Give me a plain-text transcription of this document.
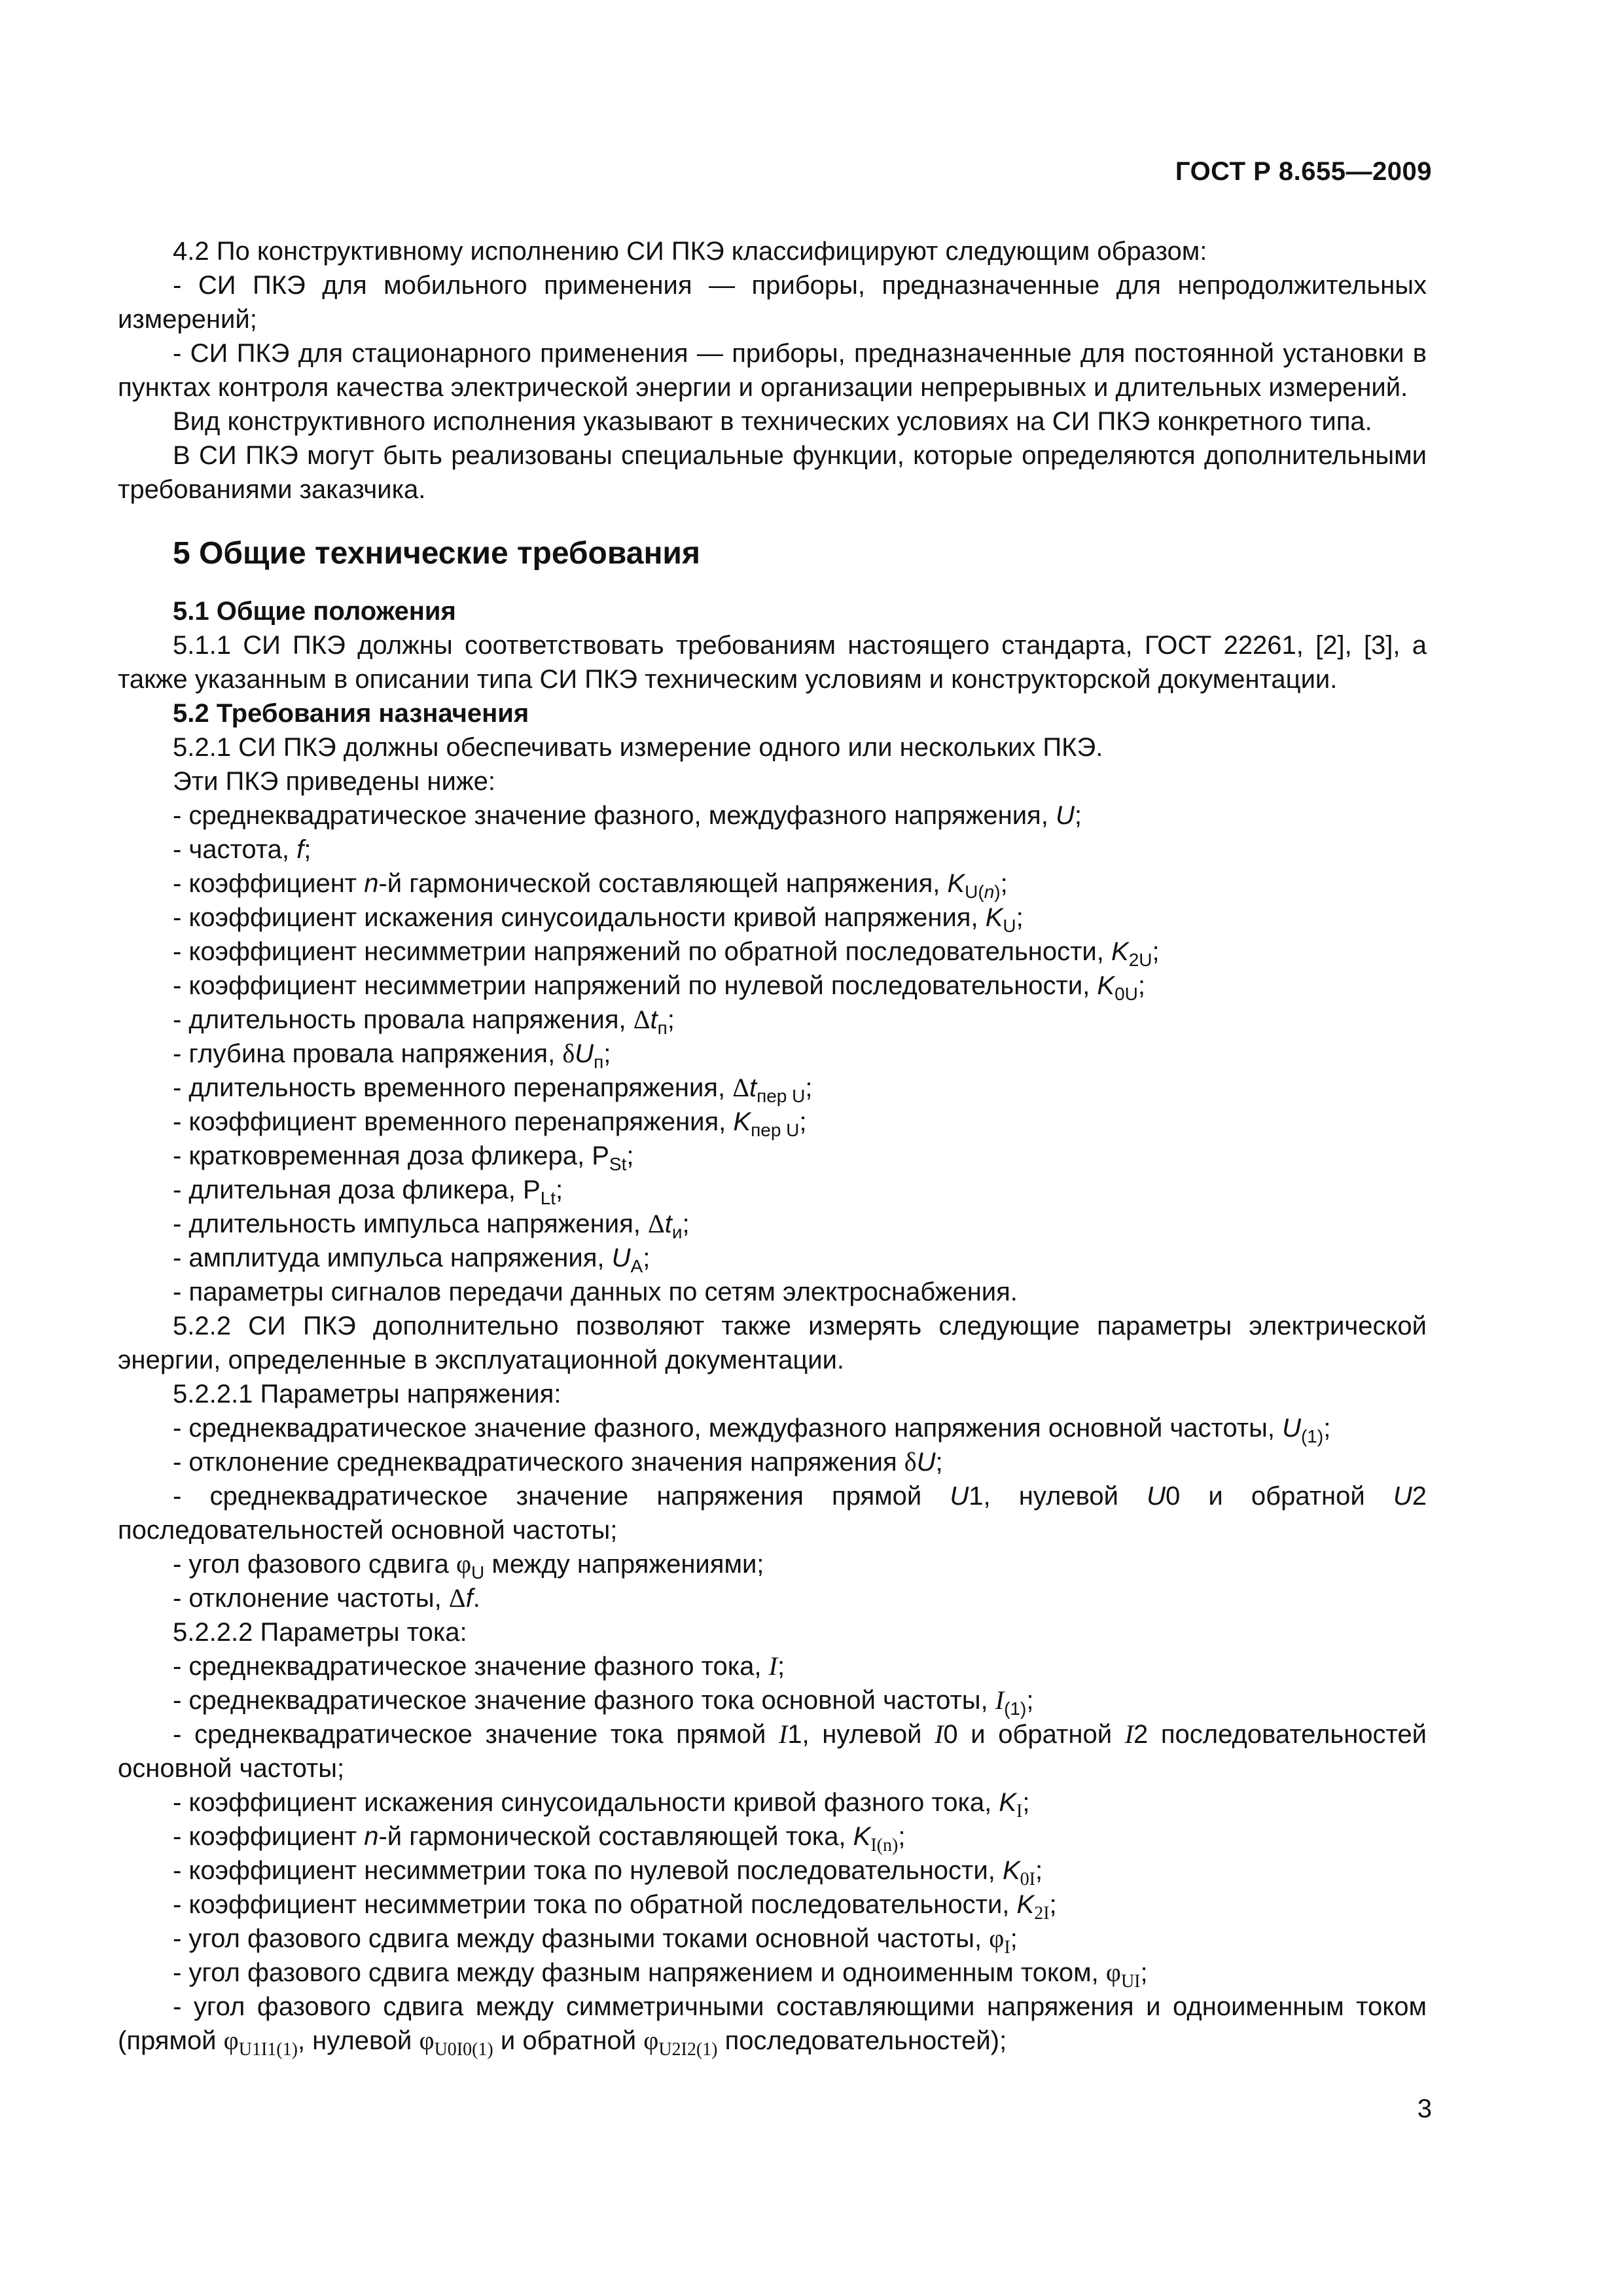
ГОСТ Р 8.655—2009

4.2 По конструктивному исполнению СИ ПКЭ классифицируют следующим образом:

- СИ ПКЭ для мобильного применения — приборы, предназначенные для непродолжительных измерений;

- СИ ПКЭ для стационарного применения — приборы, предназначенные для постоянной установки в пунктах контроля качества электрической энергии и организации непрерывных и длительных измерений.

Вид конструктивного исполнения указывают в технических условиях на СИ ПКЭ конкретного типа.

В СИ ПКЭ могут быть реализованы специальные функции, которые определяются дополнительными требованиями заказчика.

5 Общие технические требования
5.1 Общие положения

5.1.1 СИ ПКЭ должны соответствовать требованиям настоящего стандарта, ГОСТ 22261, [2], [3], а также указанным в описании типа СИ ПКЭ техническим условиям и конструкторской документации.

5.2 Требования назначения

5.2.1 СИ ПКЭ должны обеспечивать измерение одного или нескольких ПКЭ.

Эти ПКЭ приведены ниже:

- среднеквадратическое значение фазного, междуфазного напряжения, U;

- частота, f;

- коэффициент n-й гармонической составляющей напряжения, $K_{U(n)}$;

- коэффициент искажения синусоидальности кривой напряжения, $K_U$;

- коэффициент несимметрии напряжений по обратной последовательности, $K_{2U}$;

- коэффициент несимметрии напряжений по нулевой последовательности, $K_{0U}$;

- длительность провала напряжения, $\Delta t_п$;

- глубина провала напряжения, $\delta U_п$;

- длительность временного перенапряжения, $\Delta t_{пер U}$;

- коэффициент временного перенапряжения, $K_{пер U}$;

- кратковременная доза фликера, $P_{St}$;

- длительная доза фликера, $P_{Lt}$;

- длительность импульса напряжения, $\Delta t_и$;

- амплитуда импульса напряжения, $U_A$;

- параметры сигналов передачи данных по сетям электроснабжения.

5.2.2 СИ ПКЭ дополнительно позволяют также измерять следующие параметры электрической энергии, определенные в эксплуатационной документации.

5.2.2.1 Параметры напряжения:

- среднеквадратическое значение фазного, междуфазного напряжения основной частоты, $U_{(1)}$;

- отклонение среднеквадратического значения напряжения δU;

- среднеквадратическое значение напряжения прямой U1, нулевой U0 и обратной U2 последовательностей основной частоты;

- угол фазового сдвига $\varphi_U$ между напряжениями;

- отклонение частоты, Δf.

5.2.2.2 Параметры тока:

- среднеквадратическое значение фазного тока, I;

- среднеквадратическое значение фазного тока основной частоты, $I_{(1)}$;

- среднеквадратическое значение тока прямой I1, нулевой I0 и обратной I2 последовательностей основной частоты;

- коэффициент искажения синусоидальности кривой фазного тока, $K_I$;

- коэффициент n-й гармонической составляющей тока, $K_{I(n)}$;

- коэффициент несимметрии тока по нулевой последовательности, $K_{0I}$;

- коэффициент несимметрии тока по обратной последовательности, $K_{2I}$;

- угол фазового сдвига между фазными токами основной частоты, $\varphi_I$;

- угол фазового сдвига между фазным напряжением и одноименным током, $\varphi_{UI}$;

- угол фазового сдвига между симметричными составляющими напряжения и одноименным током (прямой $\varphi_{U1I1(1)}$, нулевой $\varphi_{U0I0(1)}$ и обратной $\varphi_{U2I2(1)}$ последовательностей);

3
